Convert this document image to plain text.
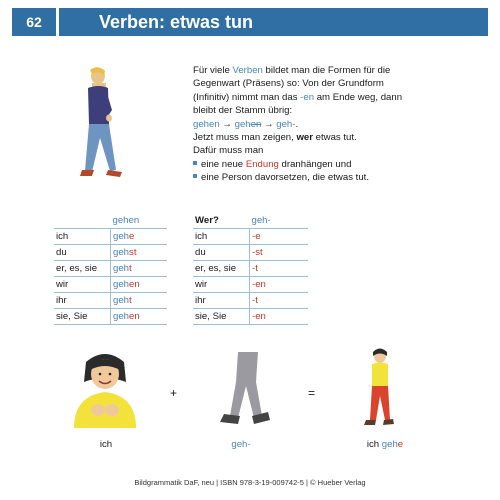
62	Verben: etwas tun
Für viele Verben bildet man die Formen für die Gegenwart (Präsens) so: Von der Grundform (Infinitiv) nimmt man das -en am Ende weg, dann bleibt der Stamm übrig:
gehen → gehen → geh-.
Jetzt muss man zeigen, wer etwas tut.
Dafür muss man
eine neue Endung dranhängen und
eine Person davorsetzen, die etwas tut.
	gehen
ich	gehe
du	gehst
er, es, sie	geht
wir	gehen
ihr	geht
sie, Sie	gehen
Wer?	geh-
ich	-e
du	-st
er, es, sie	-t
wir	-en
ihr	-t
sie, Sie	-en
+	=
ich	geh-	ich gehe
Bildgrammatik DaF, neu | ISBN 978-3-19-009742-5 | © Hueber Verlag
